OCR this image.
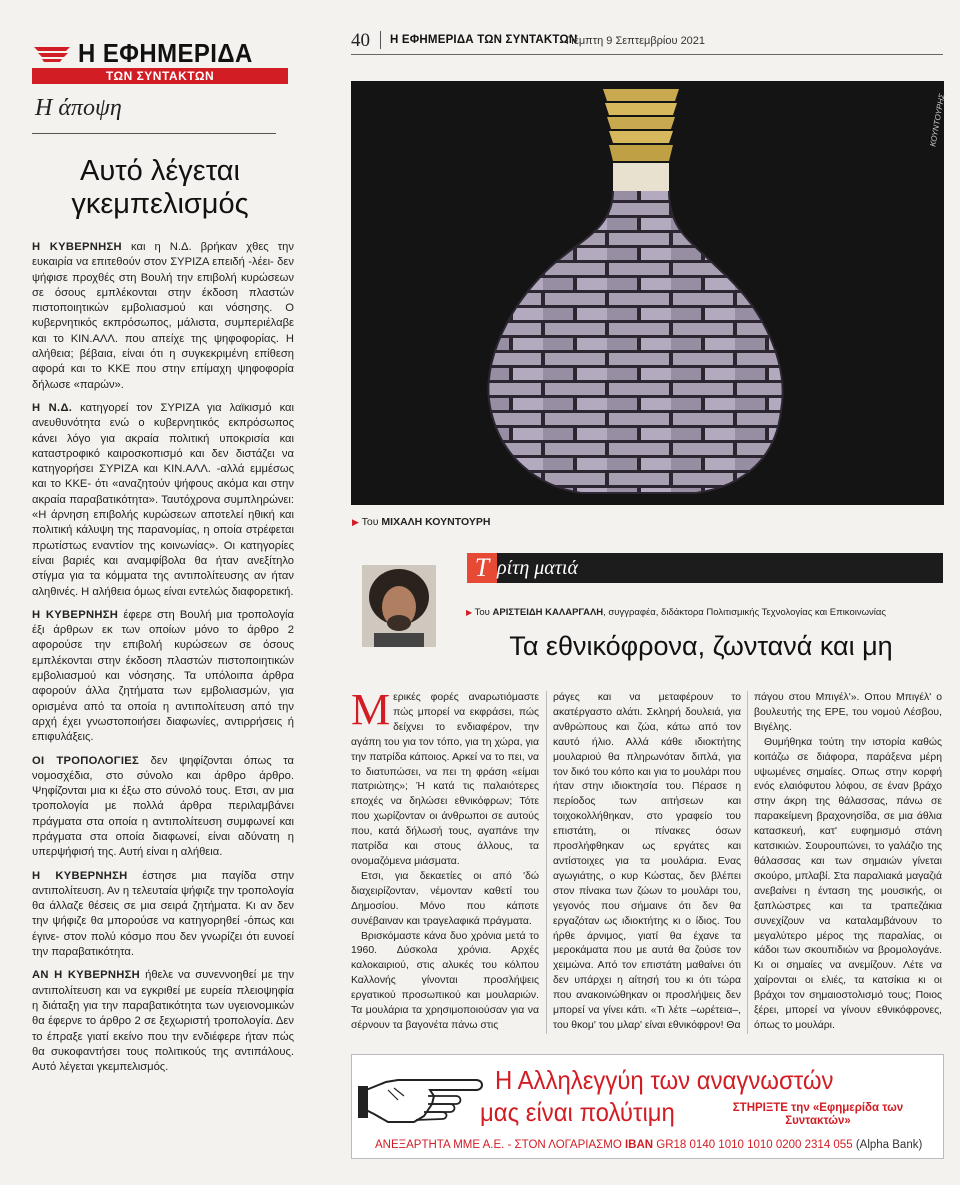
Η ΕΦΗΜΕΡΙΔΑ
ΤΩΝ ΣΥΝΤΑΚΤΩΝ
Η άποψη
Αυτό λέγεται γκεμπελισμός

Η ΚΥΒΕΡΝΗΣΗ και η Ν.Δ. βρήκαν χθες την ευκαιρία να επιτεθούν στον ΣΥΡΙΖΑ επειδή -λέει- δεν ψήφισε προχθές στη Βουλή την επιβολή κυρώσεων σε όσους εμπλέκονται στην έκδοση πλαστών πιστοποιητικών εμβολιασμού και νόσησης. Ο κυβερνητικός εκπρόσωπος, μάλιστα, συμπεριέλαβε και το ΚΙΝ.ΑΛΛ. που απείχε της ψηφοφορίας. Η αλήθεια; βέβαια, είναι ότι η συγκεκριμένη επίθεση αφορά και το ΚΚΕ που στην επίμαχη ψηφοφορία δήλωσε «παρών».

Η Ν.Δ. κατηγορεί τον ΣΥΡΙΖΑ για λαϊκισμό και ανευθυνότητα ενώ ο κυβερνητικός εκπρόσωπος κάνει λόγο για ακραία πολιτική υποκρισία και καταστροφικό καιροσκοπισμό και δεν διστάζει να κατηγορήσει ΣΥΡΙΖΑ και ΚΙΝ.ΑΛΛ. -αλλά εμμέσως και το ΚΚΕ- ότι «αναζητούν ψήφους ακόμα και στην ακραία παραβατικότητα». Ταυτόχρονα συμπληρώνει: «Η άρνηση επιβολής κυρώσεων αποτελεί ηθική και πολιτική κάλυψη της παρανομίας, η οποία στρέφεται πρωτίστως εναντίον της κοινωνίας». Οι κατηγορίες είναι βαριές και αναμφίβολα θα ήταν ανεξίτηλο στίγμα για τα κόμματα της αντιπολίτευσης αν ήταν αληθινές. Η αλήθεια όμως είναι εντελώς διαφορετική.

Η ΚΥΒΕΡΝΗΣΗ έφερε στη Βουλή μια τροπολογία έξι άρθρων εκ των οποίων μόνο το άρθρο 2 αφορούσε την επιβολή κυρώσεων σε όσους εμπλέκονται στην έκδοση πλαστών πιστοποιητικών εμβολιασμού και νόσησης. Τα υπόλοιπα άρθρα αφορούν άλλα ζητήματα των εμβολιασμών, για ορισμένα από τα οποία η αντιπολίτευση από την αρχή έχει γνωστοποιήσει διαφωνίες, αντιρρήσεις ή επιφυλάξεις.

ΟΙ ΤΡΟΠΟΛΟΓΙΕΣ δεν ψηφίζονται όπως τα νομοσχέδια, στο σύνολο και άρθρο άρθρο. Ψηφίζονται μια κι έξω στο σύνολό τους. Ετσι, αν μια τροπολογία με πολλά άρθρα περιλαμβάνει πράγματα στα οποία η αντιπολίτευση συμφωνεί και πράγματα στα οποία διαφωνεί, είναι αδύνατη η υπερψήφισή της. Αυτή είναι η αλήθεια.

Η ΚΥΒΕΡΝΗΣΗ έστησε μια παγίδα στην αντιπολίτευση. Αν η τελευταία ψήφιζε την τροπολογία θα άλλαζε θέσεις σε μια σειρά ζητήματα. Κι αν δεν την ψήφιζε θα μπορούσε να κατηγορηθεί -όπως και έγινε- στον πολύ κόσμο που δεν γνωρίζει ότι ευνοεί την παραβατικότητα.

ΑΝ Η ΚΥΒΕΡΝΗΣΗ ήθελε να συνεννοηθεί με την αντιπολίτευση και να εγκριθεί με ευρεία πλειοψηφία η διάταξη για την παραβατικότητα των υγειονομικών θα έφερνε το άρθρο 2 σε ξεχωριστή τροπολογία. Δεν το έπραξε γιατί εκείνο που την ενδιέφερε ήταν πώς θα συκοφαντήσει τους πολιτικούς της αντιπάλους. Αυτό λέγεται γκεμπελισμός.

40 Η ΕΦΗΜΕΡΙΔΑ ΤΩΝ ΣΥΝΤΑΚΤΩΝ
Πέμπτη 9 Σεπτεμβρίου 2021
ΚΟΥΝΤΟΥΡΗΣ
▶ Του ΜΙΧΑΛΗ ΚΟΥΝΤΟΥΡΗ
Τ ρίτη ματιά
▶ Του ΑΡΙΣΤΕΙΔΗ ΚΑΛΑΡΓΑΛΗ, συγγραφέα, διδάκτορα Πολιτισμικής Τεχνολογίας και Επικοινωνίας
Τα εθνικόφρονα, ζωντανά και μη

Μερικές φορές αναρωτιόμαστε πώς μπορεί να εκφράσει, πώς δείχνει το ενδιαφέρον, την αγάπη του για τον τόπο, για τη χώρα, για την πατρίδα κάποιος. Αρκεί να το πει, να το διατυπώσει, να πει τη φράση «είμαι πατριώτης»; Ή κατά τις παλαιότερες εποχές να δηλώσει εθνικόφρων; Τότε που χωρίζονταν οι άνθρωποι σε αυτούς που, κατά δήλωσή τους, αγαπάνε την πατρίδα και στους άλλους, τα ονομαζόμενα μιάσματα.

Ετσι, για δεκαετίες οι από 'δώ διαχειρίζονταν, νέμονταν καθετί του Δημοσίου. Μόνο που κάποτε συνέβαιναν και τραγελαφικά πράγματα.

Βρισκόμαστε κάνα δυο χρόνια μετά το 1960. Δύσκολα χρόνια. Αρχές καλοκαιριού, στις αλυκές του κόλπου Καλλονής γίνονται προσλήψεις εργατικού προσωπικού και μουλαριών. Τα μουλάρια τα χρησιμοποιούσαν για να σέρνουν τα βαγονέτα πάνω στις

ράγες και να μεταφέρουν το ακατέργαστο αλάτι. Σκληρή δουλειά, για ανθρώπους και ζώα, κάτω από τον καυτό ήλιο. Αλλά κάθε ιδιοκτήτης μουλαριού θα πληρωνόταν διπλά, για τον δικό του κόπο και για το μουλάρι που ήταν στην ιδιοκτησία του. Πέρασε η περίοδος των αιτήσεων και τοιχοκολλήθηκαν, στο γραφείο του επιστάτη, οι πίνακες όσων προσλήφθηκαν ως εργάτες και αντίστοιχες για τα μουλάρια. Ενας αγωγιάτης, ο κυρ Κώστας, δεν βλέπει στον πίνακα των ζώων το μουλάρι του, γεγονός που σήμαινε ότι δεν θα εργαζόταν ως ιδιοκτήτης κι ο ίδιος. Του ήρθε άρνιμος, γιατί θα έχανε τα μεροκάματα που με αυτά θα ζούσε τον χειμώνα. Από τον επιστάτη μαθαίνει ότι δεν υπάρχει η αίτησή του κι ότι τώρα που ανακοινώθηκαν οι προσλήψεις δεν μπορεί να γίνει κάτι. «Τι λέτε –ωρέτεια–, του θκομ' του μλαρ' είναι εθνικόφρον! Θα

πάγου στου Μπιγέλ'». Οπου Μπιγέλ' ο βουλευτής της ΕΡΕ, του νομού Λέσβου, Βιγέλης.

Θυμήθηκα τούτη την ιστορία καθώς κοιτάζω σε διάφορα, παράξενα μέρη υψωμένες σημαίες. Οπως στην κορφή ενός ελαιόφυτου λόφου, σε έναν βράχο στην άκρη της θάλασσας, πάνω σε παρακείμενη βραχονησίδα, σε μια άθλια κατασκευή, κατ' ευφημισμό στάνη κατσικιών. Σουρουπώνει, το γαλάζιο της θάλασσας και των σημαιών γίνεται σκούρο, μπλαβί. Στα παραλιακά μαγαζιά ανεβαίνει η ένταση της μουσικής, οι ξαπλώστρες και τα τραπεζάκια συνεχίζουν να καταλαμβάνουν το μεγαλύτερο μέρος της παραλίας, οι κάδοι των σκουπιδιών να βρομολογάνε. Κι οι σημαίες να ανεμίζουν. Λέτε να χαίρονται οι ελιές, τα κατσίκια κι οι βράχοι τον σημαιοστολισμό τους; Ποιος ξέρει, μπορεί να γίνουν εθνικόφρονες, όπως το μουλάρι.

Η Αλληλεγγύη των αναγνωστών
μας είναι πολύτιμη	ΣΤΗΡΙΞΤΕ την «Εφημερίδα των Συντακτών»
ΑΝΕΞΑΡΤΗΤΑ ΜΜΕ Α.Ε. - ΣΤΟΝ ΛΟΓΑΡΙΑΣΜΟ IBAN GR18 0140 1010 1010 0200 2314 055 (Alpha Bank)
